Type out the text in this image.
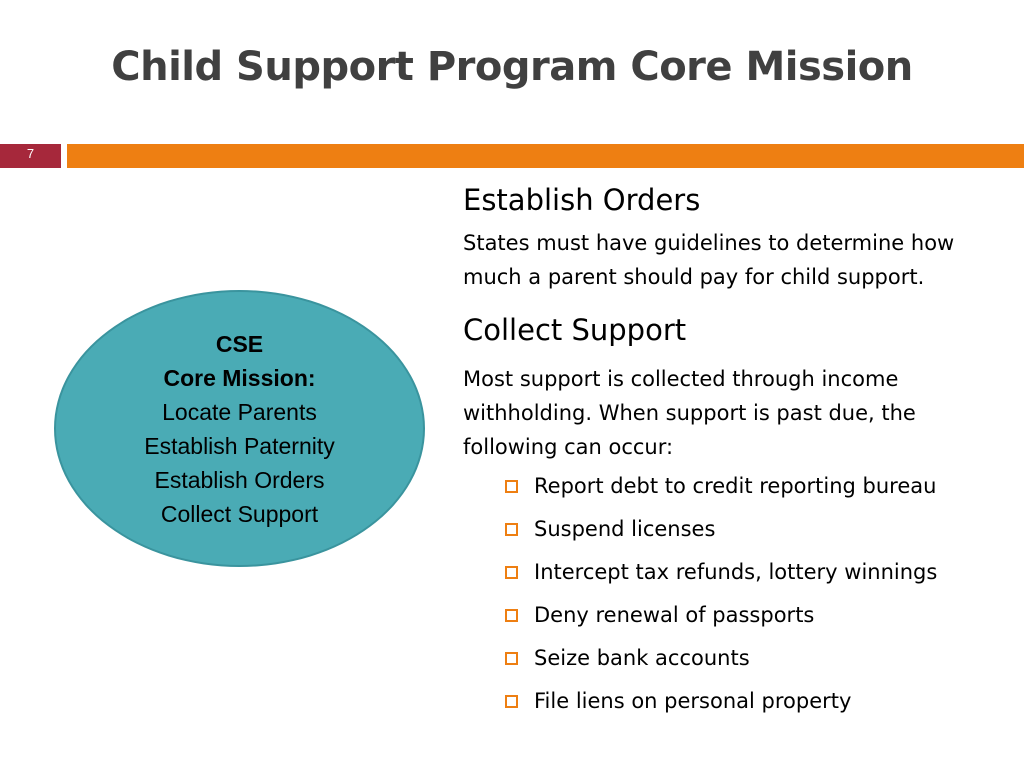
Child Support Program Core Mission
7
CSE
Core Mission:
Locate Parents
Establish Paternity
Establish Orders
Collect Support

Establish Orders

States must have guidelines to determine how much a parent should pay for child support.

Collect Support

Most support is collected through income withholding. When support is past due, the following can occur:

Report debt to credit reporting bureau
Suspend licenses
Intercept tax refunds, lottery winnings
Deny renewal of passports
Seize bank accounts
File liens on personal property
